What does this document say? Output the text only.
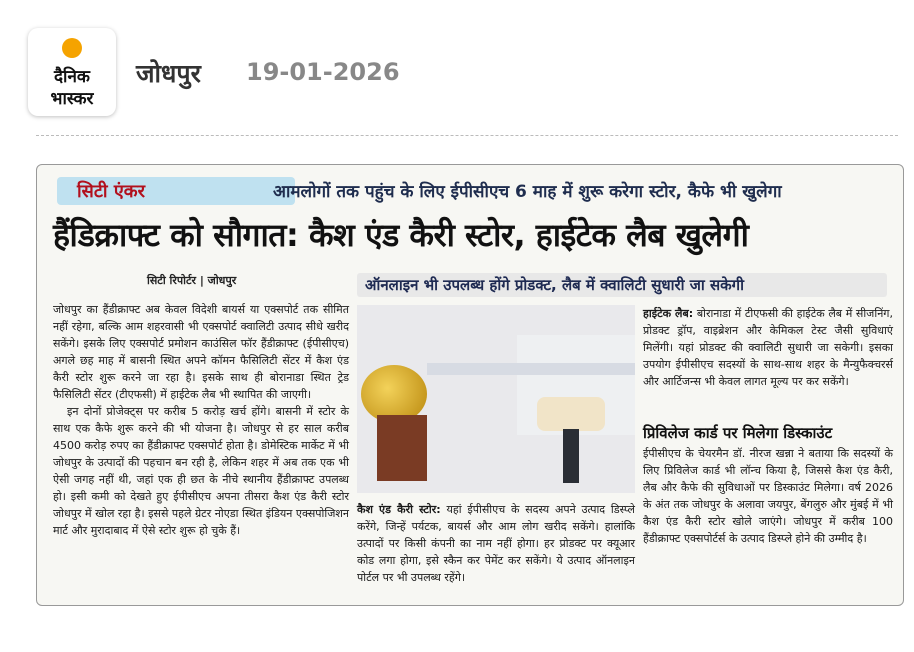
दैनिक
भास्कर
जोधपुर 19-01-2026
सिटी एंकर	आमलोगों तक पहुंच के लिए ईपीसीएच 6 माह में शुरू करेगा स्टोर, कैफे भी खुलेगा
हैंडिक्राफ्ट को सौगात: कैश एंड कैरी स्टोर, हाईटेक लैब खुलेगी
सिटी रिपोर्टर | जोधपुर

जोधपुर का हैंडीक्राफ्ट अब केवल विदेशी बायर्स या एक्सपोर्ट तक सीमित नहीं रहेगा, बल्कि आम शहरवासी भी एक्सपोर्ट क्वालिटी उत्पाद सीधे खरीद सकेंगे। इसके लिए एक्सपोर्ट प्रमोशन काउंसिल फॉर हैंडीक्राफ्ट (ईपीसीएच) अगले छह माह में बासनी स्थित अपने कॉमन फैसिलिटी सेंटर में कैश एंड कैरी स्टोर शुरू करने जा रहा है। इसके साथ ही बोरानाडा स्थित ट्रेड फैसिलिटी सेंटर (टीएफसी) में हाईटेक लैब भी स्थापित की जाएगी।

इन दोनों प्रोजेक्ट्स पर करीब 5 करोड़ खर्च होंगे। बासनी में स्टोर के साथ एक कैफे शुरू करने की भी योजना है। जोधपुर से हर साल करीब 4500 करोड़ रुपए का हैंडीक्राफ्ट एक्सपोर्ट होता है। डोमेस्टिक मार्केट में भी जोधपुर के उत्पादों की पहचान बन रही है, लेकिन शहर में अब तक एक भी ऐसी जगह नहीं थी, जहां एक ही छत के नीचे स्थानीय हैंडीक्राफ्ट उपलब्ध हो। इसी कमी को देखते हुए ईपीसीएच अपना तीसरा कैश एंड कैरी स्टोर जोधपुर में खोल रहा है। इससे पहले ग्रेटर नोएडा स्थित इंडियन एक्सपोजिशन मार्ट और मुरादाबाद में ऐसे स्टोर शुरू हो चुके हैं।

ऑनलाइन भी उपलब्ध होंगे प्रोडक्ट, लैब में क्वालिटी सुधारी जा सकेगी
कैश एंड कैरी स्टोर: यहां ईपीसीएच के सदस्य अपने उत्पाद डिस्प्ले करेंगे, जिन्हें पर्यटक, बायर्स और आम लोग खरीद सकेंगे। हालांकि उत्पादों पर किसी कंपनी का नाम नहीं होगा। हर प्रोडक्ट पर क्यूआर कोड लगा होगा, इसे स्कैन कर पेमेंट कर सकेंगे। ये उत्पाद ऑनलाइन पोर्टल पर भी उपलब्ध रहेंगे।
हाईटेक लैब: बोरानाडा में टीएफसी की हाईटेक लैब में सीजनिंग, प्रोडक्ट ड्रॉप, वाइब्रेशन और केमिकल टेस्ट जैसी सुविधाएं मिलेंगी। यहां प्रोडक्ट की क्वालिटी सुधारी जा सकेगी। इसका उपयोग ईपीसीएच सदस्यों के साथ-साथ शहर के मैन्युफैक्चरर्स और आर्टिजन्स भी केवल लागत मूल्य पर कर सकेंगे।
प्रिविलेज कार्ड पर मिलेगा डिस्काउंट

ईपीसीएच के चेयरमैन डॉ. नीरज खन्ना ने बताया कि सदस्यों के लिए प्रिविलेज कार्ड भी लॉन्च किया है, जिससे कैश एंड कैरी, लैब और कैफे की सुविधाओं पर डिस्काउंट मिलेगा। वर्ष 2026 के अंत तक जोधपुर के अलावा जयपुर, बेंगलुरु और मुंबई में भी कैश एंड कैरी स्टोर खोले जाएंगे। जोधपुर में करीब 100 हैंडीक्राफ्ट एक्सपोर्टर्स के उत्पाद डिस्प्ले होने की उम्मीद है।
